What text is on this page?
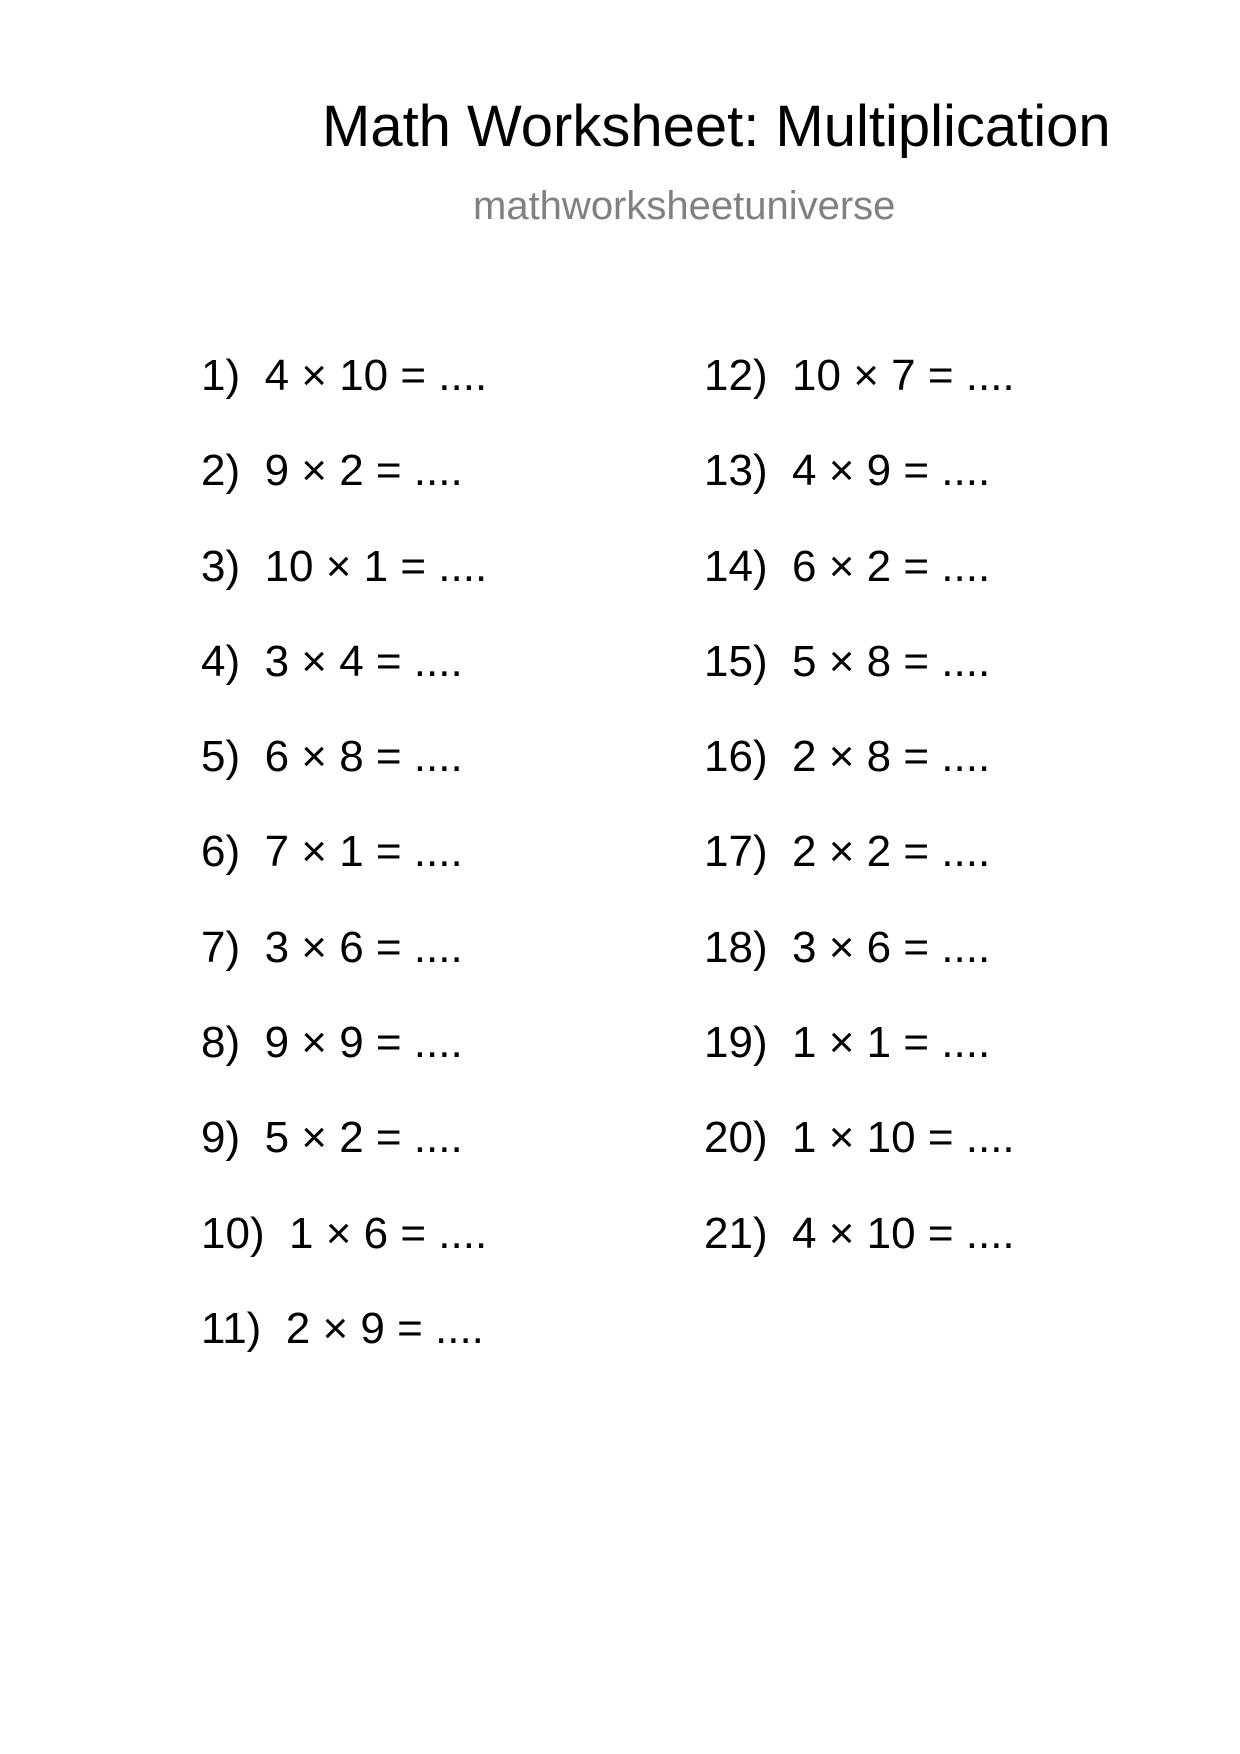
Math Worksheet: Multiplication
mathworksheetuniverse
1) 4 × 10 = ....
2) 9 × 2 = ....
3) 10 × 1 = ....
4) 3 × 4 = ....
5) 6 × 8 = ....
6) 7 × 1 = ....
7) 3 × 6 = ....
8) 9 × 9 = ....
9) 5 × 2 = ....
10) 1 × 6 = ....
11) 2 × 9 = ....
12) 10 × 7 = ....
13) 4 × 9 = ....
14) 6 × 2 = ....
15) 5 × 8 = ....
16) 2 × 8 = ....
17) 2 × 2 = ....
18) 3 × 6 = ....
19) 1 × 1 = ....
20) 1 × 10 = ....
21) 4 × 10 = ....
